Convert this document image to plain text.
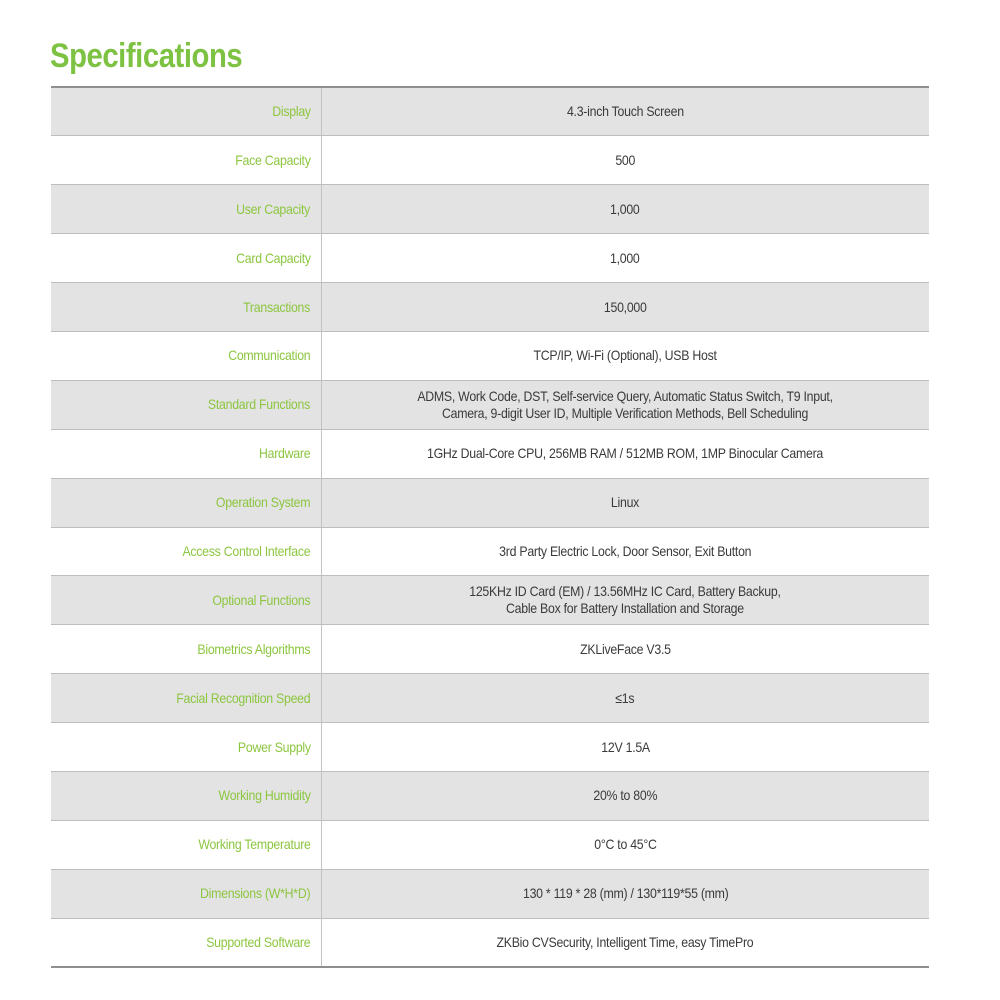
Specifications
Display	4.3-inch Touch Screen
Face Capacity	500
User Capacity	1,000
Card Capacity	1,000
Transactions	150,000
Communication	TCP/IP, Wi-Fi (Optional), USB Host
Standard Functions	ADMS, Work Code, DST, Self-service Query, Automatic Status Switch, T9 Input,
Camera, 9-digit User ID, Multiple Verification Methods, Bell Scheduling
Hardware	1GHz Dual-Core CPU, 256MB RAM / 512MB ROM, 1MP Binocular Camera
Operation System	Linux
Access Control Interface	3rd Party Electric Lock, Door Sensor, Exit Button
Optional Functions	125KHz ID Card (EM) / 13.56MHz IC Card, Battery Backup,
Cable Box for Battery Installation and Storage
Biometrics Algorithms	ZKLiveFace V3.5
Facial Recognition Speed	≤1s
Power Supply	12V 1.5A
Working Humidity	20% to 80%
Working Temperature	0°C to 45°C
Dimensions (W*H*D)	130 * 119 * 28 (mm) / 130*119*55 (mm)
Supported Software	ZKBio CVSecurity, Intelligent Time, easy TimePro
